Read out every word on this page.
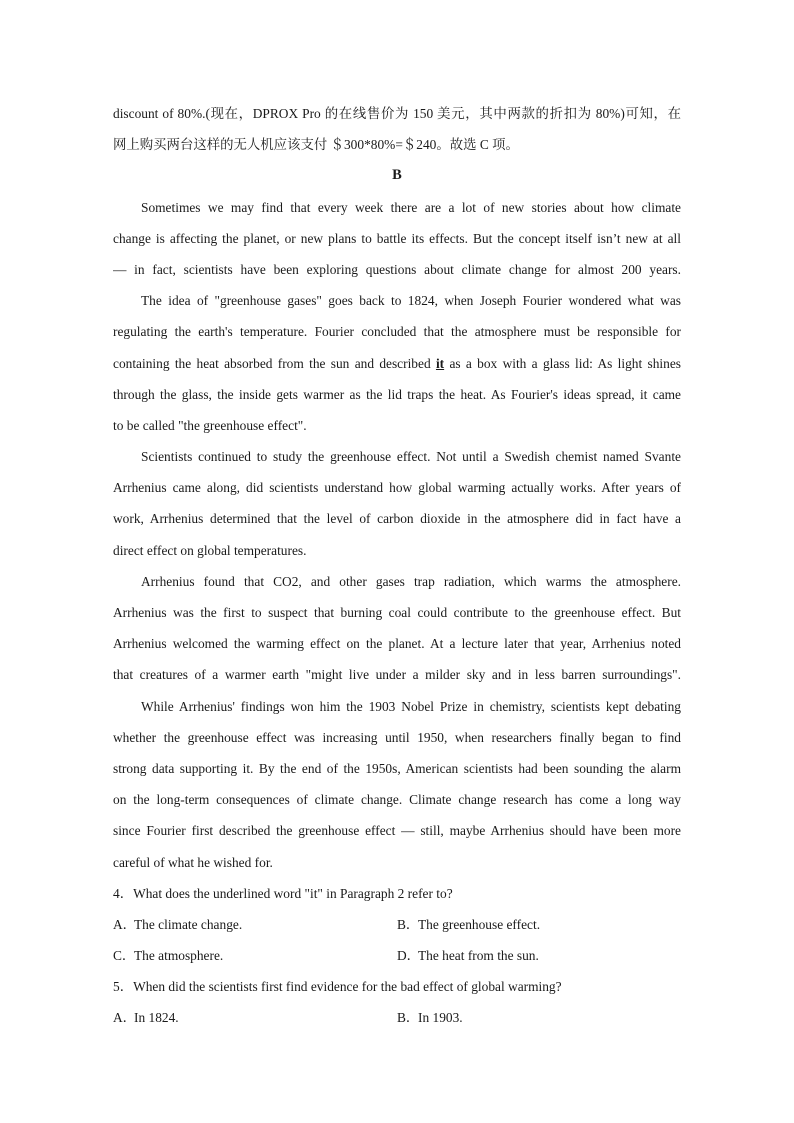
discount of 80%.(现在，DPROX Pro 的在线售价为 150 美元，其中两款的折扣为 80%)可知，在
网上购买两台这样的无人机应该支付 ＄300*80%=＄240。故选 C 项。
B
Sometimes we may find that every week there are a lot of new stories about how climate
change is affecting the planet, or new plans to battle its effects. But the concept itself isn’t new at all
— in fact, scientists have been exploring questions about climate change for almost 200 years.
The idea of "greenhouse gases" goes back to 1824, when Joseph Fourier wondered what was
regulating the earth's temperature. Fourier concluded that the atmosphere must be responsible for
containing the heat absorbed from the sun and described it as a box with a glass lid: As light shines
through the glass, the inside gets warmer as the lid traps the heat. As Fourier's ideas spread, it came
to be called "the greenhouse effect".
Scientists continued to study the greenhouse effect. Not until a Swedish chemist named Svante
Arrhenius came along, did scientists understand how global warming actually works. After years of
work, Arrhenius determined that the level of carbon dioxide in the atmosphere did in fact have a
direct effect on global temperatures.
Arrhenius found that CO2, and other gases trap radiation, which warms the atmosphere.
Arrhenius was the first to suspect that burning coal could contribute to the greenhouse effect. But
Arrhenius welcomed the warming effect on the planet. At a lecture later that year, Arrhenius noted
that creatures of a warmer earth "might live under a milder sky and in less barren surroundings".
While Arrhenius' findings won him the 1903 Nobel Prize in chemistry, scientists kept debating
whether the greenhouse effect was increasing until 1950, when researchers finally began to find
strong data supporting it. By the end of the 1950s, American scientists had been sounding the alarm
on the long-term consequences of climate change. Climate change research has come a long way
since Fourier first described the greenhouse effect — still, maybe Arrhenius should have been more
careful of what he wished for.
4．What does the underlined word "it" in Paragraph 2 refer to?
A．The climate change.	B．The greenhouse effect.
C．The atmosphere.	D．The heat from the sun.
5．When did the scientists first find evidence for the bad effect of global warming?
A．In 1824.	B．In 1903.
